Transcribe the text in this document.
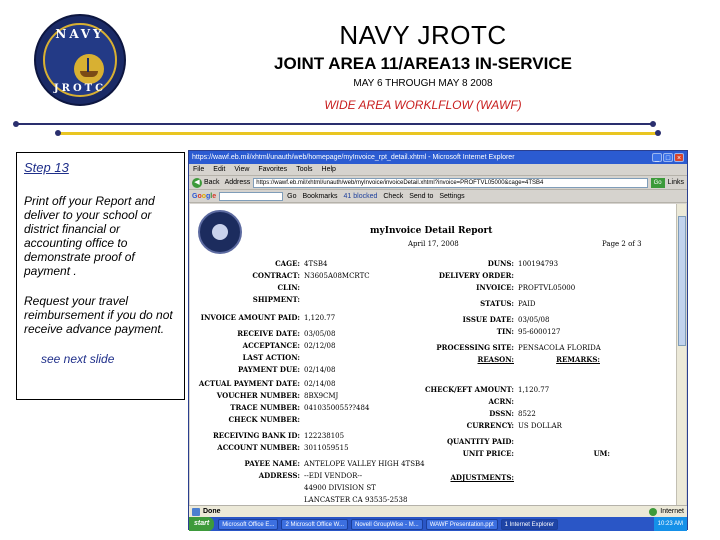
NAVY
JROTC
NAVY JROTC
JOINT AREA 11/AREA13 IN-SERVICE
MAY 6 THROUGH MAY 8 2008
WIDE AREA WORKLFLOW (WAWF)
Step 13

Print off your Report and deliver to your school or district financial or accounting office to demonstrate proof of payment .

Request your travel reimbursement if you do not receive advance payment.

see next slide
https://wawf.eb.mil/xhtml/unauth/web/homepage/myInvoice_rpt_detail.xhtml - Microsoft Internet Explorer	_ □ ×
File Edit View Favorites Tools Help
◀ Back Address	https://wawf.eb.mil/xhtml/unauth/web/myInvoice/invoiceDetail.xhtml?invoice=PROFTVL05000&cage=4TSB4	Go Links
Google	Go Bookmarks 41 blocked Check Send to Settings
myInvoice Detail Report
April 17, 2008	Page 2 of 3
CAGE: 4TSB4
CONTRACT: N3605A08MCRTC
CLIN:
SHIPMENT:
INVOICE AMOUNT PAID: 1,120.77
RECEIVE DATE: 03/05/08
ACCEPTANCE: 02/12/08
LAST ACTION:
PAYMENT DUE: 02/14/08
ACTUAL PAYMENT DATE: 02/14/08
VOUCHER NUMBER: 8BX9CMJ
TRACE NUMBER: 0410350055??484
CHECK NUMBER:
RECEIVING BANK ID: 122238105
ACCOUNT NUMBER: 3011059515
PAYEE NAME: ANTELOPE VALLEY HIGH 4TSB4
ADDRESS: --EDI VENDOR--
44900 DIVISION ST
LANCASTER CA 93535-2538
DUNS: 100194793
DELIVERY ORDER:
INVOICE: PROFTVL05000
STATUS: PAID
ISSUE DATE: 03/05/08
TIN: 95-6000127
PROCESSING SITE: PENSACOLA FLORIDA
REASON:	REMARKS:
CHECK/EFT AMOUNT: 1,120.77
ACRN:
DSSN: 8522
CURRENCY: US DOLLAR
QUANTITY PAID:
UNIT PRICE:	UM:
ADJUSTMENTS:
Done	Internet
start	Microsoft Office E...	2 Microsoft Office W...	Novell GroupWise - M...	WAWF Presentation.ppt	1 Internet Explorer	10:23 AM
